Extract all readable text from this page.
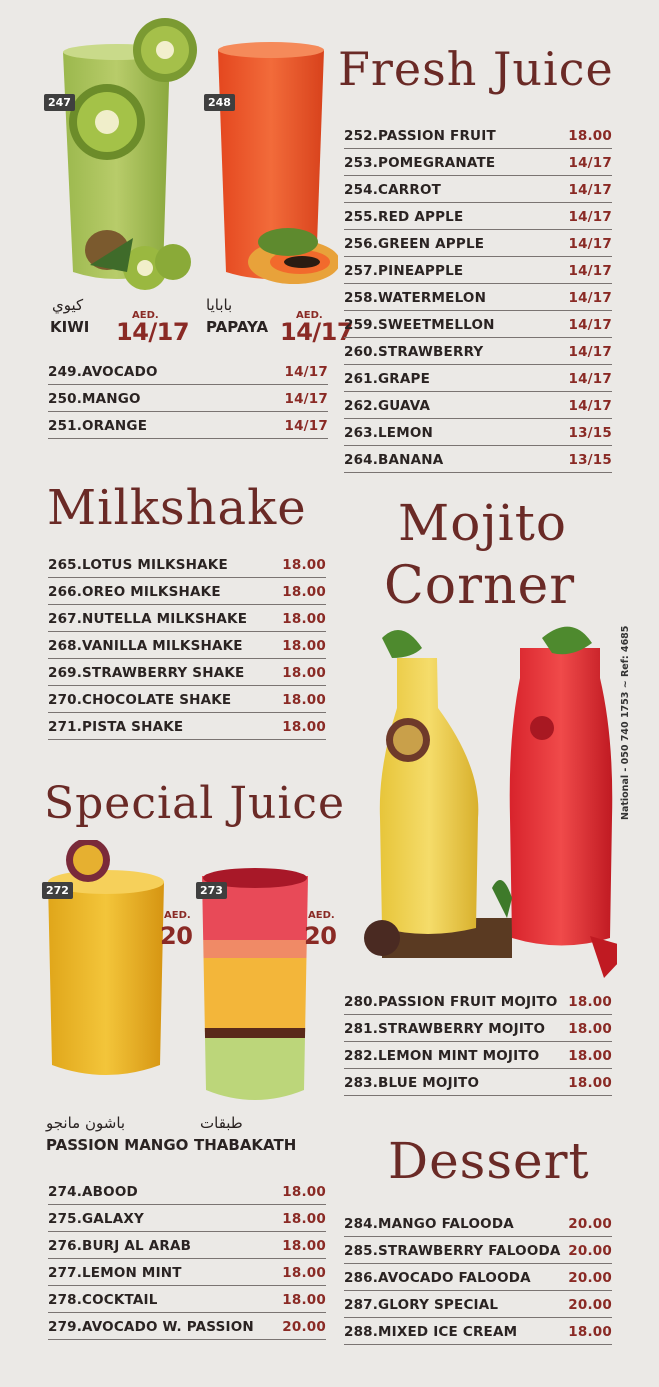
247
كيوي
KIWI
AED.
14/17
248
بابايا
PAPAYA
AED.
14/17
Fresh Juice
249. AVOCADO	14/17
250. MANGO	14/17
251. ORANGE	14/17
252. PASSION FRUIT	18.00
253. POMEGRANATE	14/17
254. CARROT	14/17
255. RED APPLE	14/17
256. GREEN APPLE	14/17
257. PINEAPPLE	14/17
258. WATERMELON	14/17
259. SWEETMELLON	14/17
260. STRAWBERRY	14/17
261. GRAPE	14/17
262. GUAVA	14/17
263. LEMON	13/15
264. BANANA	13/15
Milkshake
265. LOTUS MILKSHAKE	18.00
266. OREO MILKSHAKE	18.00
267. NUTELLA MILKSHAKE	18.00
268. VANILLA MILKSHAKE	18.00
269. STRAWBERRY SHAKE	18.00
270. CHOCOLATE SHAKE	18.00
271. PISTA SHAKE	18.00
Mojito
Corner
National - 050 740 1753 ~ Ref: 4685
280. PASSION FRUIT MOJITO 18.00
281. STRAWBERRY MOJITO 18.00
282. LEMON MINT MOJITO 18.00
283. BLUE MOJITO	18.00
Special Juice
272
AED.
20
باشون مانجو
PASSION MANGO
273
AED.
20
طبقات
THABAKATH
274. ABOOD	18.00
275. GALAXY	18.00
276. BURJ AL ARAB	18.00
277. LEMON MINT	18.00
278. COCKTAIL	18.00
279. AVOCADO W. PASSION 20.00
Dessert
284. MANGO FALOODA	20.00
285. STRAWBERRY FALOODA 20.00
286. AVOCADO FALOODA	20.00
287. GLORY SPECIAL	20.00
288. MIXED ICE CREAM	18.00
